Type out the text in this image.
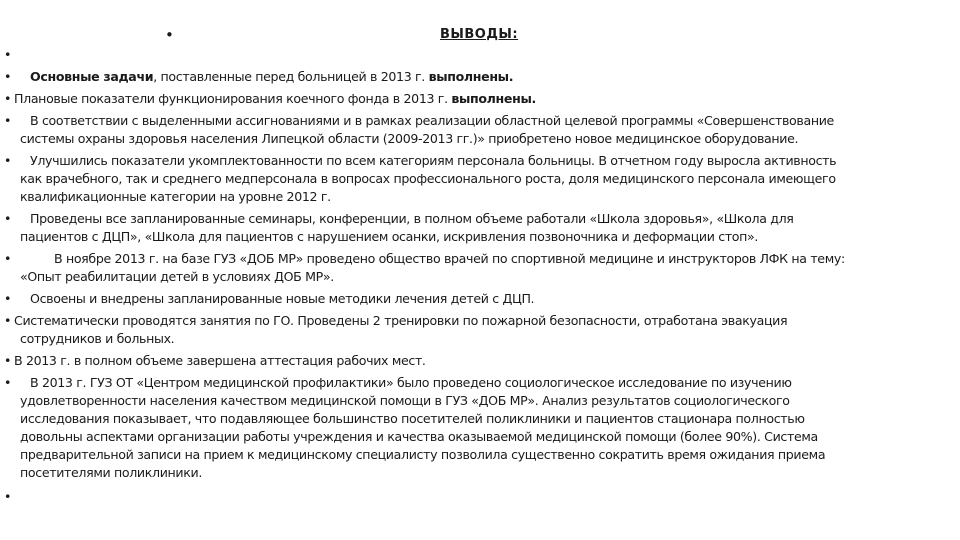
•	ВЫВОДЫ:
•

•	Основные задачи, поставленные перед больницей в 2013 г. выполнены.
• Плановые показатели функционирования коечного фонда в 2013 г. выполнены.
•	В соответствии с выделенными ассигнованиями и в рамках реализации областной целевой программы «Совершенствование
системы охраны здоровья населения Липецкой области (2009-2013 гг.)» приобретено новое медицинское оборудование.
•	Улучшились показатели укомплектованности по всем категориям персонала больницы. В отчетном году выросла активность
как врачебного, так и среднего медперсонала в вопросах профессионального роста, доля медицинского персонала имеющего
квалификационные категории на уровне 2012 г.
•	Проведены все запланированные семинары, конференции, в полном объеме работали «Школа здоровья», «Школа для
пациентов с ДЦП», «Школа для пациентов с нарушением осанки, искривления позвоночника и деформации стоп».
•	В ноябре 2013 г. на базе ГУЗ «ДОБ МР» проведено общество врачей по спортивной медицине и инструкторов ЛФК на тему:
«Опыт реабилитации детей в условиях ДОБ МР».
•	Освоены и внедрены запланированные новые методики лечения детей с ДЦП.
• Систематически проводятся занятия по ГО. Проведены 2 тренировки по пожарной безопасности, отработана эвакуация
сотрудников и больных.
• В 2013 г. в полном объеме завершена аттестация рабочих мест.
•	В 2013 г. ГУЗ ОТ «Центром медицинской профилактики» было проведено социологическое исследование по изучению
удовлетворенности населения качеством медицинской помощи в ГУЗ «ДОБ МР». Анализ результатов социологического
исследования показывает, что подавляющее большинство посетителей поликлиники и пациентов стационара полностью
довольны аспектами организации работы учреждения и качества оказываемой медицинской помощи (более 90%). Система
предварительной записи на прием к медицинскому специалисту позволила существенно сократить время ожидания приема
посетителями поликлиники.
•
